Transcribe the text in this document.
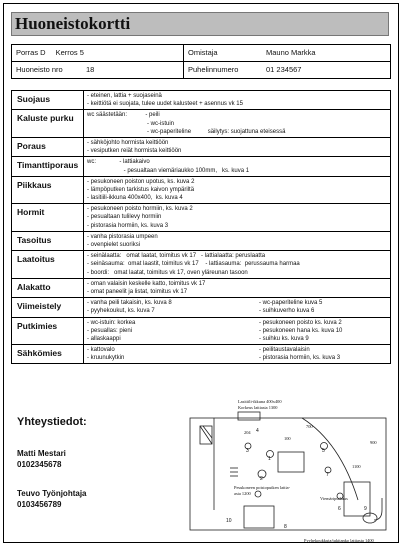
Huoneistokortti
Porras D Kerros 5	Omistaja	Mauno Markka
Huoneisto nro	18	Puhelinnumero	01 234567
Suojaus	- eteinen, lattia + suojaseinä
- keittiötä ei suojata, tulee uudet kalusteet + asennus vk 15
Kaluste purku	wc säästetään:           - peili
- wc-istuin
- wc-paperiteline          säilytys: suojattuna eteisessä
Poraus	- sähköjohto hormista keittiöön
- vesiputken reiät hormista keittiöön
Timanttiporaus	wc:              - lattiakaivo
- pesualtaan viemäriaukko 100mm,   ks. kuva 1
Piikkaus	- pesukoneen poiston upotus, ks. kuva 2
- lämpöputken tarkistus kaivon ympäriltä
- lasitiili-ikkuna 400x400,  ks. kuva 4
Hormit	- pesukoneen poisto hormiin, ks. kuva 2
- pesualtaan tulilevy hormiin
- pistorasia hormiin, ks. kuva 3
Tasoitus	- vanha pistorasia umpeen
- ovenpielet suoriksi
Laatoitus	- seinälaatta:   omat laatat, toimitus vk 17   - lattialaatta: peruslaatta
- seinäsauma:  omat laastit, toimitus vk 17    - lattiasauma:  perussauma harmaa
- boordi:   omat laatat, toimitus vk 17, oven yläreunan tasoon
Alakatto	- oman valaisin keskelle katto, toimitus vk 17
- omat paneelit ja listat, toimitus vk 17
Viimeistely	- vanha peili takaisin, ks. kuva 8	- wc-paperiteline kuva 5
- pyyhekoukut, ks. kuva 7	- suihkuverho kuva 6
Putkimies	- wc-istuin: korkea	- pesukoneen poisto ks. kuva 2
- pesuallas: pieni	- pesukoneen hana ks. kuva 10
- allaskaappi	- suihku ks. kuva 9
Sähkömies	- kattovalo	- peilitaustavalaisin
- kruunukytkin	- pistorasia hormiin, ks. kuva 3
Yhteystiedot:
Matti Mestari
0102345678
Teuvo Työnjohtaja
0103456789
Lasitiili-ikkuna 400x400
Korkeus lattiasta 1300
Pesukoneen poistoputken lattia-
asta 1200
Viemäriputkaus
Pyyhekoukkuja/tukitanko lattiasta 1400
204
700
900
1100
100
4
3
1
2
5
7
8
6	9
10
